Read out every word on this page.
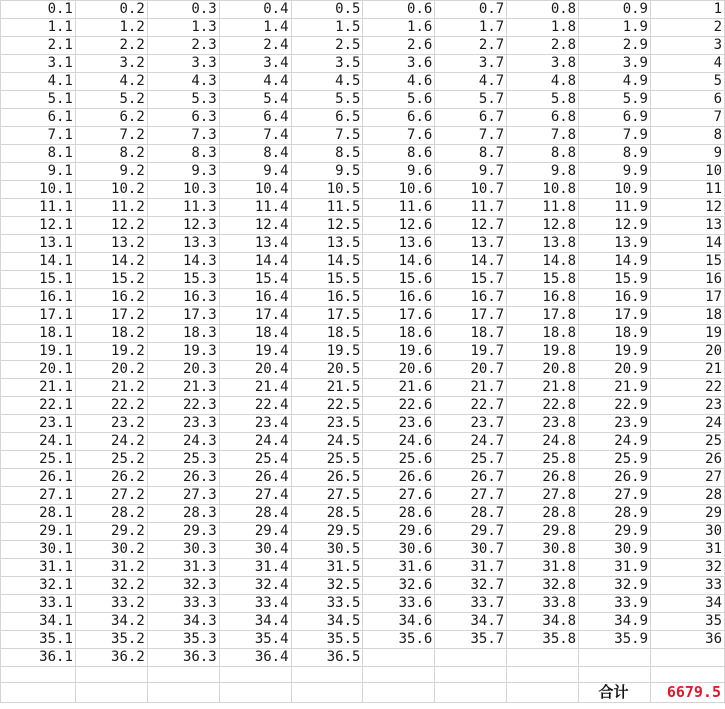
0.1	0.2	0.3	0.4	0.5	0.6	0.7	0.8	0.9	1
1.1	1.2	1.3	1.4	1.5	1.6	1.7	1.8	1.9	2
2.1	2.2	2.3	2.4	2.5	2.6	2.7	2.8	2.9	3
3.1	3.2	3.3	3.4	3.5	3.6	3.7	3.8	3.9	4
4.1	4.2	4.3	4.4	4.5	4.6	4.7	4.8	4.9	5
5.1	5.2	5.3	5.4	5.5	5.6	5.7	5.8	5.9	6
6.1	6.2	6.3	6.4	6.5	6.6	6.7	6.8	6.9	7
7.1	7.2	7.3	7.4	7.5	7.6	7.7	7.8	7.9	8
8.1	8.2	8.3	8.4	8.5	8.6	8.7	8.8	8.9	9
9.1	9.2	9.3	9.4	9.5	9.6	9.7	9.8	9.9	10
10.1	10.2	10.3	10.4	10.5	10.6	10.7	10.8	10.9	11
11.1	11.2	11.3	11.4	11.5	11.6	11.7	11.8	11.9	12
12.1	12.2	12.3	12.4	12.5	12.6	12.7	12.8	12.9	13
13.1	13.2	13.3	13.4	13.5	13.6	13.7	13.8	13.9	14
14.1	14.2	14.3	14.4	14.5	14.6	14.7	14.8	14.9	15
15.1	15.2	15.3	15.4	15.5	15.6	15.7	15.8	15.9	16
16.1	16.2	16.3	16.4	16.5	16.6	16.7	16.8	16.9	17
17.1	17.2	17.3	17.4	17.5	17.6	17.7	17.8	17.9	18
18.1	18.2	18.3	18.4	18.5	18.6	18.7	18.8	18.9	19
19.1	19.2	19.3	19.4	19.5	19.6	19.7	19.8	19.9	20
20.1	20.2	20.3	20.4	20.5	20.6	20.7	20.8	20.9	21
21.1	21.2	21.3	21.4	21.5	21.6	21.7	21.8	21.9	22
22.1	22.2	22.3	22.4	22.5	22.6	22.7	22.8	22.9	23
23.1	23.2	23.3	23.4	23.5	23.6	23.7	23.8	23.9	24
24.1	24.2	24.3	24.4	24.5	24.6	24.7	24.8	24.9	25
25.1	25.2	25.3	25.4	25.5	25.6	25.7	25.8	25.9	26
26.1	26.2	26.3	26.4	26.5	26.6	26.7	26.8	26.9	27
27.1	27.2	27.3	27.4	27.5	27.6	27.7	27.8	27.9	28
28.1	28.2	28.3	28.4	28.5	28.6	28.7	28.8	28.9	29
29.1	29.2	29.3	29.4	29.5	29.6	29.7	29.8	29.9	30
30.1	30.2	30.3	30.4	30.5	30.6	30.7	30.8	30.9	31
31.1	31.2	31.3	31.4	31.5	31.6	31.7	31.8	31.9	32
32.1	32.2	32.3	32.4	32.5	32.6	32.7	32.8	32.9	33
33.1	33.2	33.3	33.4	33.5	33.6	33.7	33.8	33.9	34
34.1	34.2	34.3	34.4	34.5	34.6	34.7	34.8	34.9	35
35.1	35.2	35.3	35.4	35.5	35.6	35.7	35.8	35.9	36
36.1	36.2	36.3	36.4	36.5					

								合计	6679.5
